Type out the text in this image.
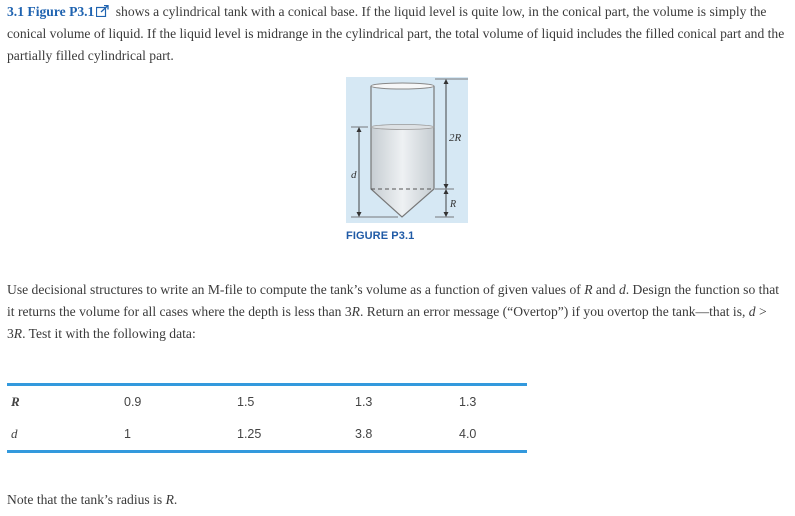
3.1 Figure P3.1 shows a cylindrical tank with a conical base. If the liquid level is quite low, in the conical part, the volume is simply the conical volume of liquid. If the liquid level is midrange in the cylindrical part, the total volume of liquid includes the filled conical part and the partially filled cylindrical part.
2R
d
R
FIGURE P3.1
Use decisional structures to write an M-file to compute the tank’s volume as a function of given values of R and d. Design the function so that it returns the volume for all cases where the depth is less than 3R. Return an error message (“Overtop”) if you overtop the tank—that is, d > 3R. Test it with the following data:
R	0.9	1.5	1.3	1.3
d	1	1.25	3.8	4.0
Note that the tank’s radius is R.
